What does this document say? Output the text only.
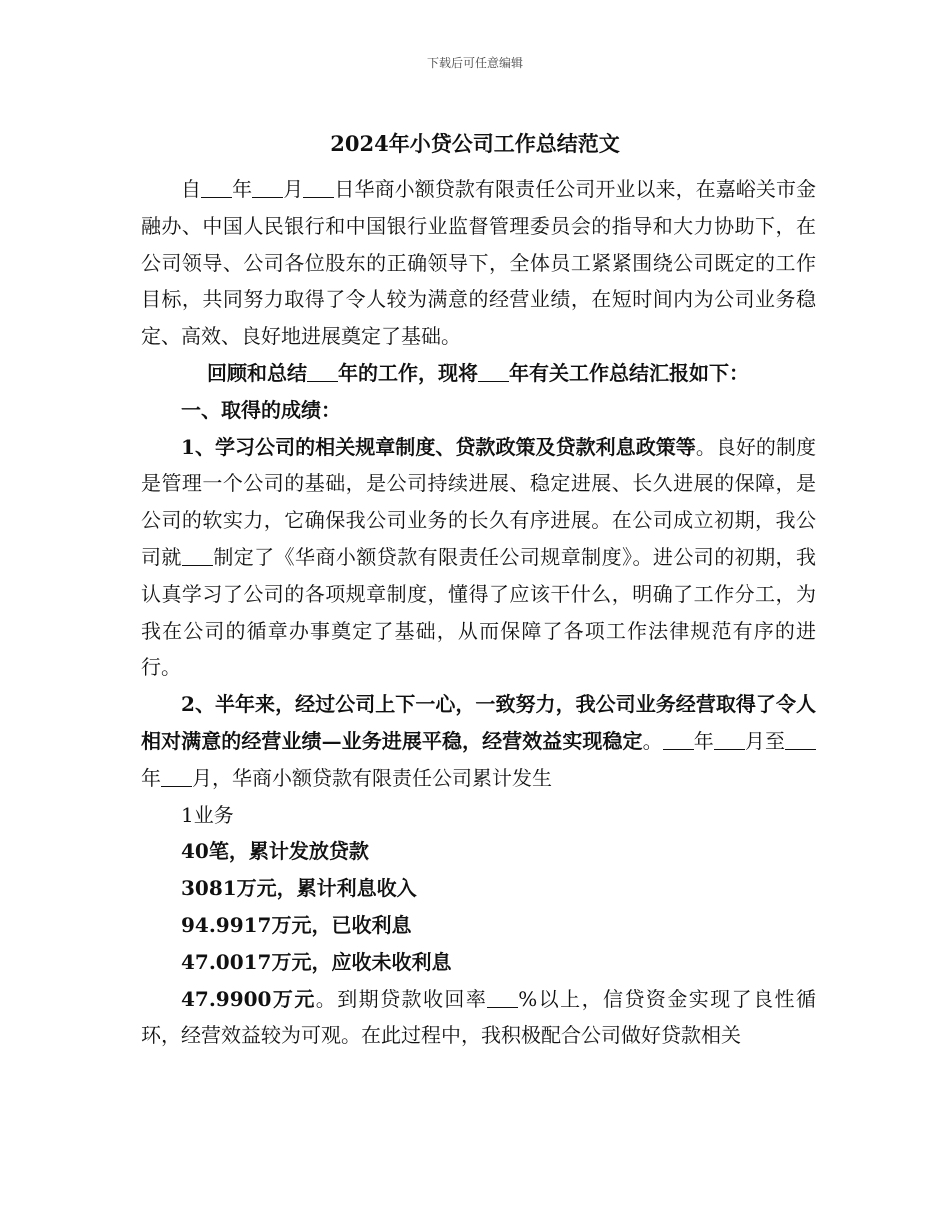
下载后可任意编辑
2024年小贷公司工作总结范文

自 年 月 日华商小额贷款有限责任公司开业以来，在嘉峪关市金融办、中国人民银行和中国银行业监督管理委员会的指导和大力协助下，在公司领导、公司各位股东的正确领导下，全体员工紧紧围绕公司既定的工作目标，共同努力取得了令人较为满意的经营业绩，在短时间内为公司业务稳定、高效、良好地进展奠定了基础。

回顾和总结 年的工作，现将 年有关工作总结汇报如下：

一、取得的成绩：

1、学习公司的相关规章制度、贷款政策及贷款利息政策等。良好的制度是管理一个公司的基础，是公司持续进展、稳定进展、长久进展的保障，是公司的软实力，它确保我公司业务的长久有序进展。在公司成立初期，我公司就 制定了《华商小额贷款有限责任公司规章制度》。进公司的初期，我认真学习了公司的各项规章制度，懂得了应该干什么，明确了工作分工，为我在公司的循章办事奠定了基础，从而保障了各项工作法律规范有序的进行。

2、半年来，经过公司上下一心，一致努力，我公司业务经营取得了令人相对满意的经营业绩—业务进展平稳，经营效益实现稳定。 年 月至年 月，华商小额贷款有限责任公司累计发生

1业务
40笔，累计发放贷款
3081万元，累计利息收入
94.9917万元，已收利息
47.0017万元，应收未收利息

47.9900万元。到期贷款收回率 %以上，信贷资金实现了良性循环，经营效益较为可观。在此过程中，我积极配合公司做好贷款相关
